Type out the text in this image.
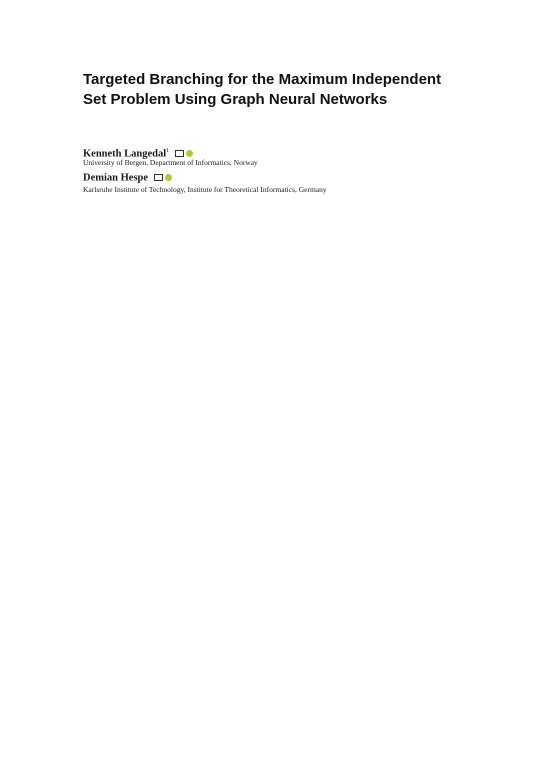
Targeted Branching for the Maximum Independent Set Problem Using Graph Neural Networks
Kenneth Langedal$^1$
University of Bergen, Department of Informatics, Norway
Demian Hespe
Karlsruhe Institute of Technology, Institute for Theoretical Informatics, Germany
